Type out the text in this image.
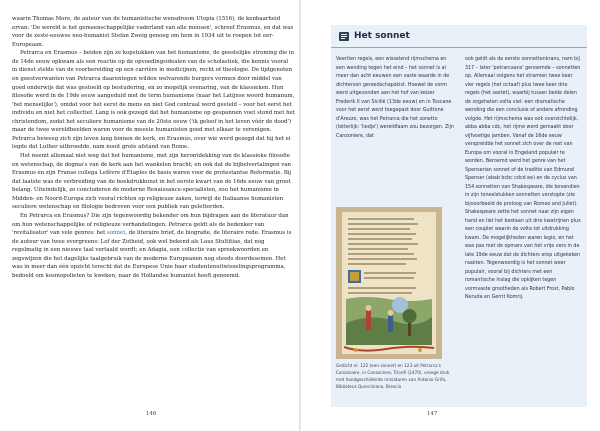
waarin Thomas More, de auteur van de humanistische wensdroom Utopia (1516), de kenbaarheid ervan: 'De wereld is het gemeenschappelijke vaderland van alle mensen', schreef Erasmus, en dat was voor de zeste-eeuwse neo-humanist Stefan Zweig genoeg om hem in 1934 uit te roepen tot eer-Europeaan.

Petrarca en Erasmus – beiden zijn ze kopstukken van het humanisme, de geestelijke stroming die in de 14de eeuw opkwam als een reactie op de opvoedingsidealen van de scholastiek, die kennis vooral in dienst stelde van de voorbereiding op een carrière in medicijnen, recht of theologie. De tijdgenoten en geestverwanten van Petrarca daarentegen wilden welvarende burgers vormen door middel van goed onderwijs dat was gestoeld op bestudering, en zo mogelijk evenaring, van de klassieken. Hun filosofie werd in de 19de eeuw aangeduid met de term humanisme (naar het Latijnse woord humanum, 'het menselijke'), omdat voor het eerst de mens en niet God centraal werd gesteld – voor het eerst het individu en niet het collectief. Lang is ook gezegd dat het humanisme op gespannen voet stond met het christendom, zodat het seculiere humanisme van de 20ste eeuw ('ik geloof in het leven vóór de dood') maar de twee wereldbeelden waren voor de meeste humanisten goed met elkaar te verenigen. Petrarca beweeg zich zijn leven lang binnen de kerk, en Erasmus, over wie werd gezegd dat hij het ei legde dat Luther uitbroedde, nam nooit grote afstand van Rome.

Het neemt allemaal niet weg dat het humanisme, met zijn herontdekking van de klassieke filosofie en wetenschap, de dogma's van de kerk aan het wankelen bracht; en ook dat de bijbelvertalingen van Erasmus en zijn Franse collega Lefèvre d'Étaples de basis waren voor de protestantse Reformatie. Bij dat laatste was de verbreiding van de boekdrukkunst in het eerste kwart van de 16de eeuw van groot belang. Uiteindelijk, zo concluderen de moderne Renaissance-specialisten, zou het humanisme in Midden- en Noord-Europa zich vooral richten op religieuze zaken, terwijl de Italiaanse humanisten seculiere wetenschap en filologie bedreven voor een publiek van geletterden.

En Petrarca en Erasmus? Die zijn tegenwoordig bekender om hun bijdragen aan de literatuur dan om hun wetenschappelijke of religieuze verhandelingen. Petrarca geldt als de bedenker van 'revitalisator' van vele genres: het sonnet, de literaire brief, de biografie, de literaire rede. Erasmus is de auteur van twee evergreens: Lof der Zotheid, ook wel bekend als Laus Stultitiae, dat nog regelmatig in een nieuwe taal vertaald wordt; en Adagia, een collectie van spreekwoorden en zegswijzen die het dagelijks taalgebruik van de moderne Europeanen nog steeds doordesemen. Het was in meer dan één opzicht terecht dat de Europese Unie haar studentenuitwisselingsprogramma, bedoeld om kosmopolieten te kweken, naar de Hollandse humanist heeft genoemd.

146

Het sonnet

Veertien regels, een wisselend rijmschema en een wending tegen het eind – het sonnet is al meer dan acht eeuwen een vaste waarde in de dichterson gereedschapskist. Hoewel de vorm werd uitgevonden aan het hof van keizer Frederik II van Sicilië (13de eeuw) en in Toscane voor het eerst werd toegepast door Guittone d'Arezzo, was het Petrarca die het sonetto (letterlijk: 'liedje') wereldfaam zou bezorgen. Zijn Canzoniere, dat

Gedicht nr. 122 (een sonnet) en 123 uit Petrarca's Canzoniere, in Canzoniere, Trionfi (1470), vroege druk met handgeschilderde miniaturen van Antonio Grifo, Biblioteca Querciniana, Brescia

ook geldt als de eerste sonnettenkrans, nam bij 317 – later 'petrarcaans' genoemde – sonnetten op. Allemaal volgens het stramien twee keer vier regels (het octaaf) plus twee keer drie regels (het sextet), waarbij tussen beide delen de zogeheten volta viel: een dramatische wending die een conclusie of andere afronding volgde. Het rijmschema was ook overzichtelijk, abba abba cdc, het rijme werd gemaakt door vijfvoetige jamben. Vanaf de 16de eeuw verspreidde het sonnet zich over de rest van Europa om vooral in Engeland populair te worden. Beroemd werd het genre van het Spenserian sonnet of de traditie van Edmund Spenser (abab bcbc cdcd ee) en de cyclus van 154 sonnetten van Shakespeare, die bovendien in zijn toneelstukken sonnetten verstopte (zie bijvoorbeeld de proloog van Romeo and Juliet). Shakespeare zette het sonnet naar zijn eigen hand en liet het bestaan uit drie kwatrijnen plus een couplet waarin de volta tot uitdrukking kwam. De mogelijkheden waren legio, en het was pas met de opmars van het vrije vers in de late 19de eeuw dat de dichters erop uitgekeken raakten. Tegenwoordig is het sonnet weer populair, vooral bij dichters met een romantische inslag die opkijken tegen vormvaste grootheden als Robert Frost, Pablo Neruda en Gerrit Komrij.

147
